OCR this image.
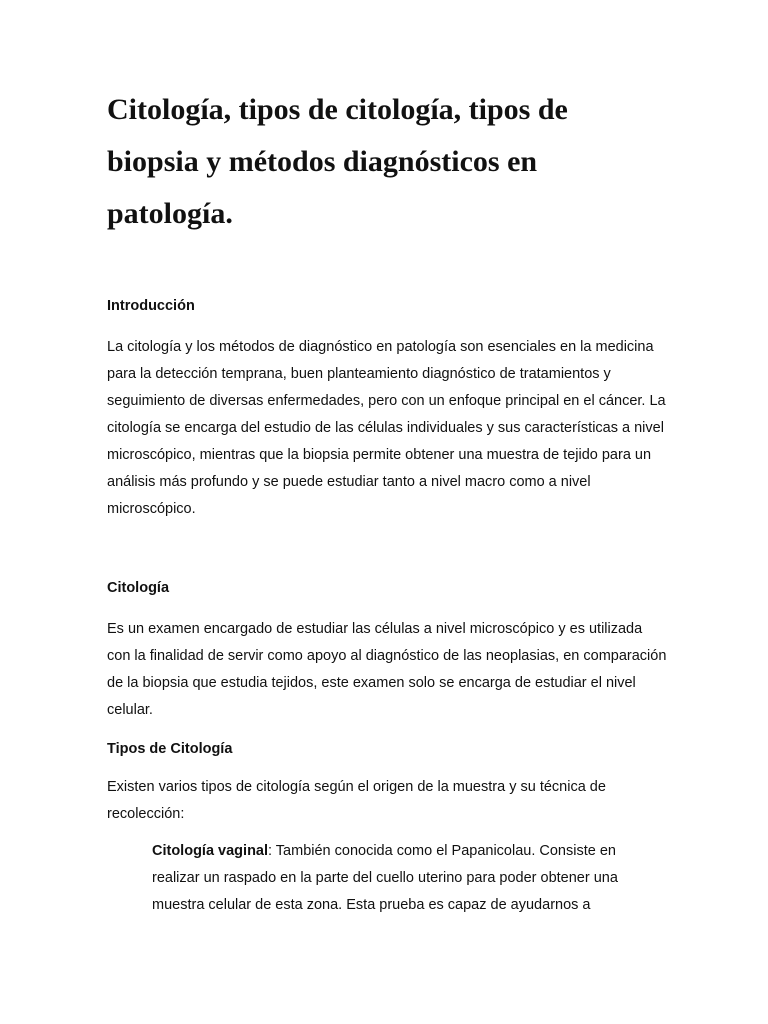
Citología, tipos de citología, tipos de biopsia y métodos diagnósticos en patología.
Introducción

La citología y los métodos de diagnóstico en patología son esenciales en la medicina para la detección temprana, buen planteamiento diagnóstico de tratamientos y seguimiento de diversas enfermedades, pero con un enfoque principal en el cáncer. La citología se encarga del estudio de las células individuales y sus características a nivel microscópico, mientras que la biopsia permite obtener una muestra de tejido para un análisis más profundo y se puede estudiar tanto a nivel macro como a nivel microscópico.

Citología

Es un examen encargado de estudiar las células a nivel microscópico y es utilizada con la finalidad de servir como apoyo al diagnóstico de las neoplasias, en comparación de la biopsia que estudia tejidos, este examen solo se encarga de estudiar el nivel celular.

Tipos de Citología

Existen varios tipos de citología según el origen de la muestra y su técnica de recolección:

Citología vaginal: También conocida como el Papanicolau. Consiste en realizar un raspado en la parte del cuello uterino para poder obtener una muestra celular de esta zona. Esta prueba es capaz de ayudarnos a
